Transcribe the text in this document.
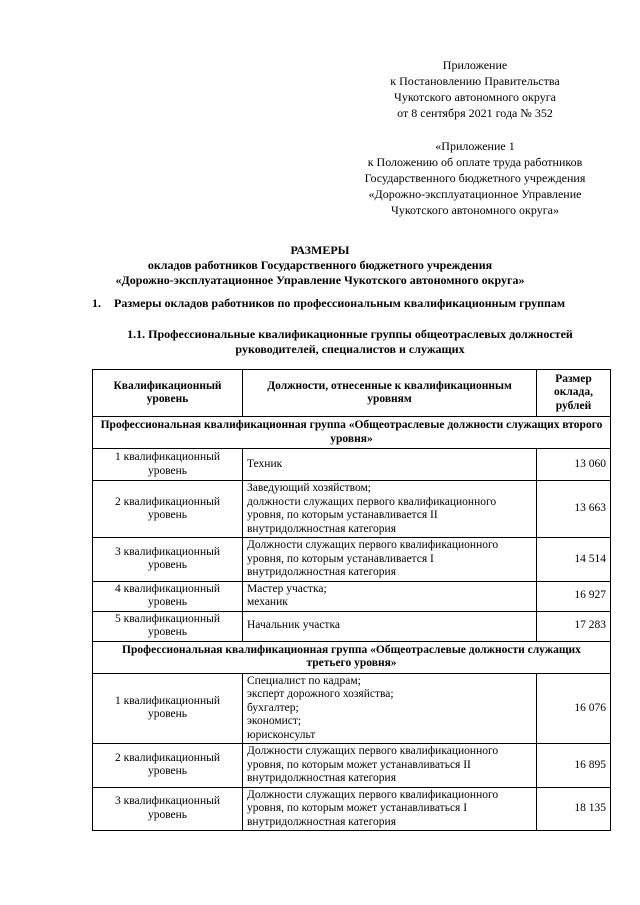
Приложение
к Постановлению Правительства
Чукотского автономного округа
от 8 сентября 2021 года № 352
«Приложение 1
к Положению об оплате труда работников
Государственного бюджетного учреждения
«Дорожно-эксплуатационное Управление
Чукотского автономного округа»
РАЗМЕРЫ
окладов работников Государственного бюджетного учреждения
«Дорожно-эксплуатационное Управление Чукотского автономного округа»
1. Размеры окладов работников по профессиональным квалификационным группам
1.1. Профессиональные квалификационные группы общеотраслевых должностей
руководителей, специалистов и служащих
Квалификационный уровень	Должности, отнесенные к квалификационным уровням	Размер оклада, рублей
Профессиональная квалификационная группа «Общеотраслевые должности служащих второго уровня»		
1 квалификационный уровень	Техник	13 060
2 квалификационный уровень	Заведующий хозяйством;
должности служащих первого квалификационного уровня, по которым устанавливается II внутридолжностная категория	13 663
3 квалификационный уровень	Должности служащих первого квалификационного уровня, по которым устанавливается I внутридолжностная категория	14 514
4 квалификационный уровень	Мастер участка;
механик	16 927
5 квалификационный уровень	Начальник участка	17 283
Профессиональная квалификационная группа «Общеотраслевые должности служащих третьего уровня»		
1 квалификационный уровень	Специалист по кадрам;
эксперт дорожного хозяйства;
бухгалтер;
экономист;
юрисконсульт	16 076
2 квалификационный уровень	Должности служащих первого квалификационного уровня, по которым может устанавливаться II внутридолжностная категория	16 895
3 квалификационный уровень	Должности служащих первого квалификационного уровня, по которым может устанавливаться I внутридолжностная категория	18 135
